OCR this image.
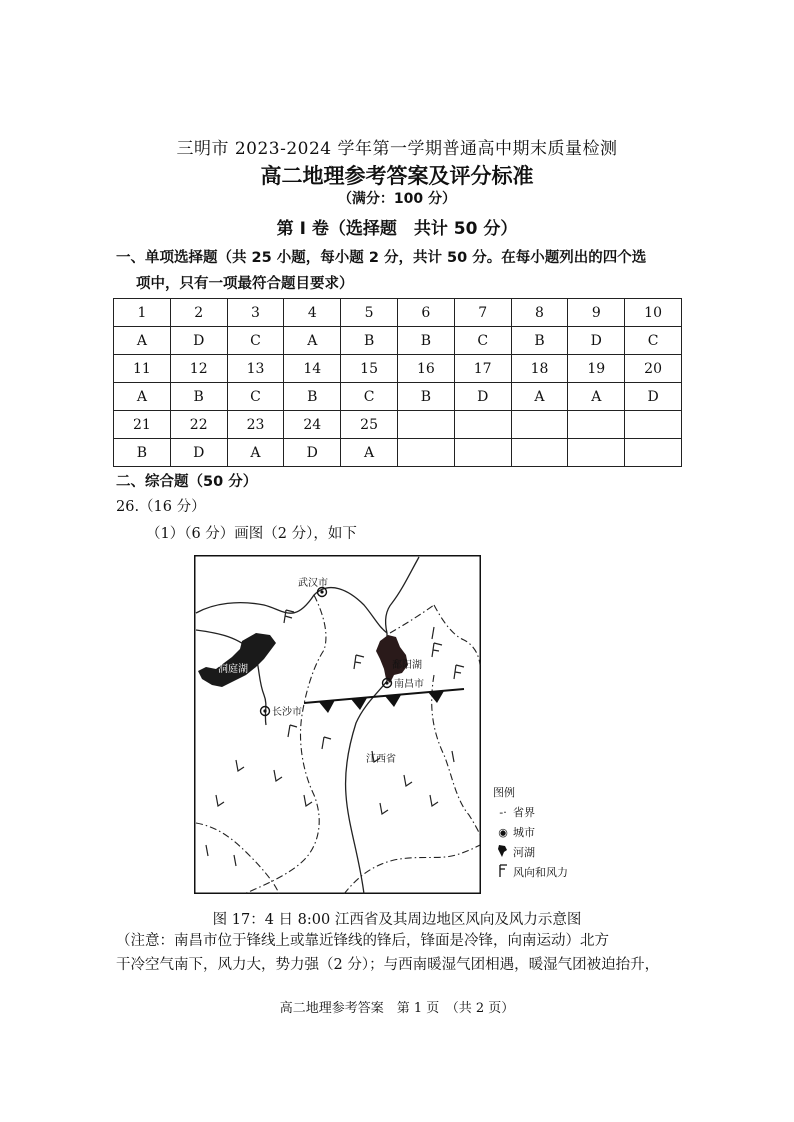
三明市 2023-2024 学年第一学期普通高中期末质量检测
高二地理参考答案及评分标准
（满分：100 分）
第 I 卷（选择题　共计 50 分）
一、单项选择题（共 25 小题，每小题 2 分，共计 50 分。在每小题列出的四个选
项中，只有一项最符合题目要求）
1	2	3	4	5	6	7	8	9	10
A	D	C	A	B	B	C	B	D	C
11	12	13	14	15	16	17	18	19	20
A	B	C	B	C	B	D	A	A	D
21	22	23	24	25					
B	D	A	D	A					
二、综合题（50 分）
26.（16 分）
（1）（6 分）画图（2 分），如下
武汉市
洞庭湖	鄱阳湖
南昌市
长沙市
江西省
图例
-· 省界
◉ 城市
河湖
风向和风力
图 17：4 日 8:00 江西省及其周边地区风向及风力示意图
（注意：南昌市位于锋线上或靠近锋线的锋后，锋面是冷锋，向南运动）北方
干冷空气南下，风力大，势力强（2 分）；与西南暖湿气团相遇，暖湿气团被迫抬升，
高二地理参考答案　第 1 页　（共 2 页）
